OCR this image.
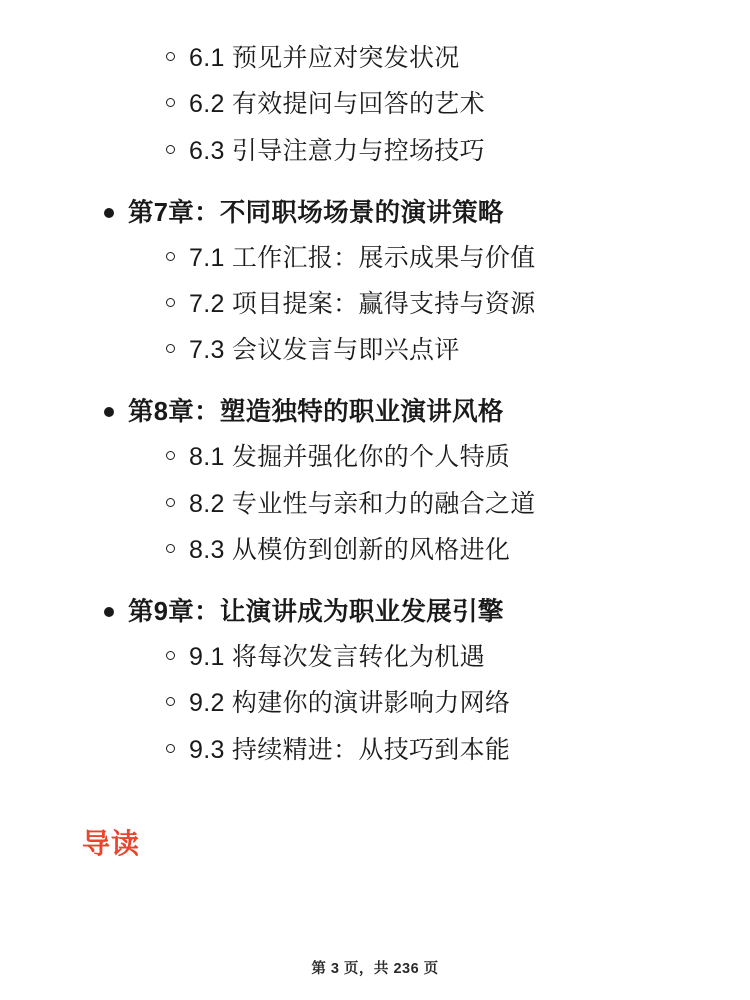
6.1 预见并应对突发状况
6.2 有效提问与回答的艺术
6.3 引导注意力与控场技巧
第7章：不同职场场景的演讲策略
7.1 工作汇报：展示成果与价值
7.2 项目提案：赢得支持与资源
7.3 会议发言与即兴点评
第8章：塑造独特的职业演讲风格
8.1 发掘并强化你的个人特质
8.2 专业性与亲和力的融合之道
8.3 从模仿到创新的风格进化
第9章：让演讲成为职业发展引擎
9.1 将每次发言转化为机遇
9.2 构建你的演讲影响力网络
9.3 持续精进：从技巧到本能
导读
第 3 页，共 236 页
